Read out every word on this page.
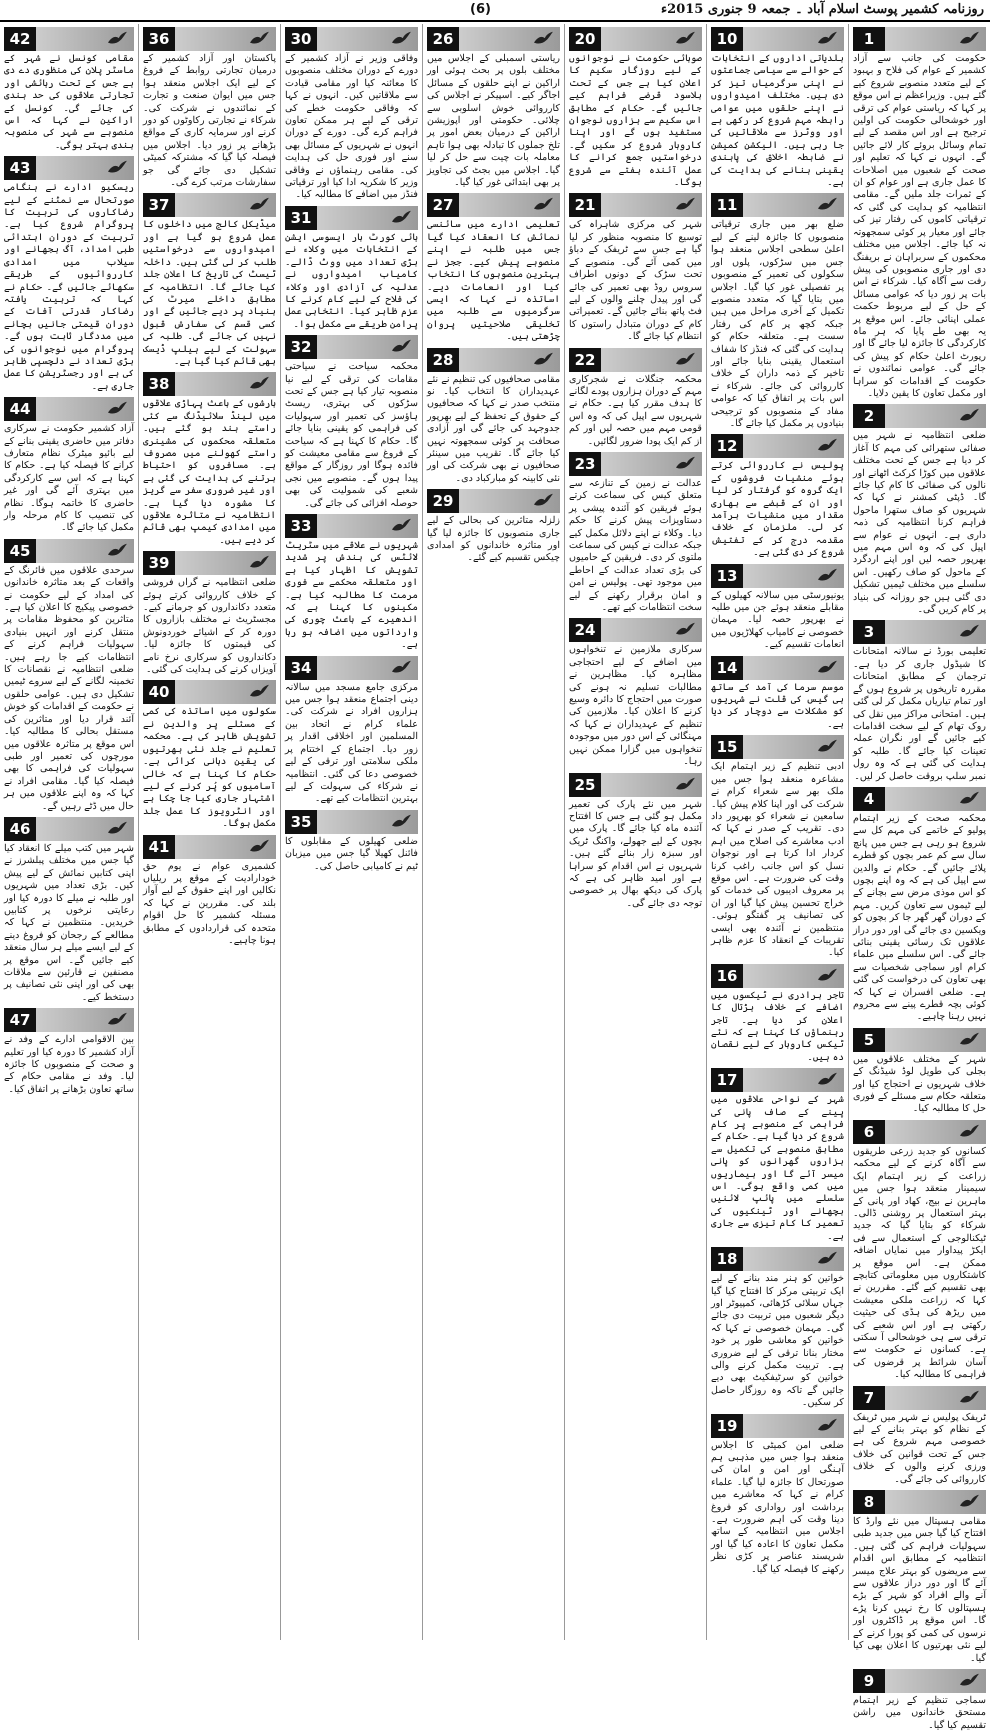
(6)	روزنامہ کشمیر پوسٹ اسلام آباد ۔ جمعہ 9 جنوری 2015ء
1

حکومت کی جانب سے آزاد کشمیر کے عوام کی فلاح و بہبود کے لیے متعدد منصوبے شروع کیے گئے ہیں۔ وزیراعظم نے اس موقع پر کہا کہ ریاستی عوام کی ترقی اور خوشحالی حکومت کی اولین ترجیح ہے اور اس مقصد کے لیے تمام وسائل بروئے کار لائے جائیں گے۔ انہوں نے کہا کہ تعلیم اور صحت کے شعبوں میں اصلاحات کا عمل جاری ہے اور عوام کو ان کے ثمرات جلد ملیں گے۔ مقامی انتظامیہ کو ہدایت کی گئی کہ ترقیاتی کاموں کی رفتار تیز کی جائے اور معیار پر کوئی سمجھوتہ نہ کیا جائے۔ اجلاس میں مختلف محکموں کے سربراہان نے بریفنگ دی اور جاری منصوبوں کی پیش رفت سے آگاہ کیا۔ شرکاء نے اس بات پر زور دیا کہ عوامی مسائل کے حل کے لیے مربوط حکمت عملی اپنائی جائے۔ اس موقع پر یہ بھی طے پایا کہ ہر ماہ کارکردگی کا جائزہ لیا جائے گا اور رپورٹ اعلیٰ حکام کو پیش کی جائے گی۔ عوامی نمائندوں نے حکومت کے اقدامات کو سراہا اور مکمل تعاون کا یقین دلایا۔

2

ضلعی انتظامیہ نے شہر میں صفائی ستھرائی کی مہم کا آغاز کر دیا ہے جس کے تحت مختلف علاقوں میں کوڑا کرکٹ اٹھانے اور نالوں کی صفائی کا کام کیا جائے گا۔ ڈپٹی کمشنر نے کہا کہ شہریوں کو صاف ستھرا ماحول فراہم کرنا انتظامیہ کی ذمہ داری ہے۔ انہوں نے عوام سے اپیل کی کہ وہ اس مہم میں بھرپور حصہ لیں اور اپنے اردگرد کے ماحول کو صاف رکھیں۔ اس سلسلے میں مختلف ٹیمیں تشکیل دی گئی ہیں جو روزانہ کی بنیاد پر کام کریں گی۔

3

تعلیمی بورڈ نے سالانہ امتحانات کا شیڈول جاری کر دیا ہے۔ ترجمان کے مطابق امتحانات مقررہ تاریخوں پر شروع ہوں گے اور تمام تیاریاں مکمل کر لی گئی ہیں۔ امتحانی مراکز میں نقل کی روک تھام کے لیے سخت اقدامات کیے جائیں گے اور نگران عملہ تعینات کیا جائے گا۔ طلبہ کو ہدایت کی گئی ہے کہ وہ رول نمبر سلپ بروقت حاصل کر لیں۔

4

محکمہ صحت کے زیر اہتمام پولیو کے خاتمے کی مہم کل سے شروع ہو رہی ہے جس میں پانچ سال سے کم عمر بچوں کو قطرے پلائے جائیں گے۔ حکام نے والدین سے اپیل کی ہے کہ وہ اپنے بچوں کو اس موذی مرض سے بچانے کے لیے ٹیموں سے تعاون کریں۔ مہم کے دوران گھر گھر جا کر بچوں کو ویکسین دی جائے گی اور دور دراز علاقوں تک رسائی یقینی بنائی جائے گی۔ اس سلسلے میں علماء کرام اور سماجی شخصیات سے بھی تعاون کی درخواست کی گئی ہے۔ ضلعی افسران نے کہا کہ کوئی بچہ قطرے پینے سے محروم نہیں رہنا چاہیے۔

5

شہر کے مختلف علاقوں میں بجلی کی طویل لوڈ شیڈنگ کے خلاف شہریوں نے احتجاج کیا اور متعلقہ حکام سے مسئلے کے فوری حل کا مطالبہ کیا۔

6

کسانوں کو جدید زرعی طریقوں سے آگاہ کرنے کے لیے محکمہ زراعت کے زیر اہتمام ایک سیمینار منعقد ہوا جس میں ماہرین نے بیج، کھاد اور پانی کے بہتر استعمال پر روشنی ڈالی۔ شرکاء کو بتایا گیا کہ جدید ٹیکنالوجی کے استعمال سے فی ایکڑ پیداوار میں نمایاں اضافہ ممکن ہے۔ اس موقع پر کاشتکاروں میں معلوماتی کتابچے بھی تقسیم کیے گئے۔ مقررین نے کہا کہ زراعت ملکی معیشت میں ریڑھ کی ہڈی کی حیثیت رکھتی ہے اور اس شعبے کی ترقی سے ہی خوشحالی آ سکتی ہے۔ کسانوں نے حکومت سے آسان شرائط پر قرضوں کی فراہمی کا مطالبہ کیا۔

7

ٹریفک پولیس نے شہر میں ٹریفک کے نظام کو بہتر بنانے کے لیے خصوصی مہم شروع کی ہے جس کے تحت قوانین کی خلاف ورزی کرنے والوں کے خلاف کارروائی کی جائے گی۔

8

مقامی ہسپتال میں نئے وارڈ کا افتتاح کیا گیا جس میں جدید طبی سہولیات فراہم کی گئی ہیں۔ انتظامیہ کے مطابق اس اقدام سے مریضوں کو بہتر علاج میسر آئے گا اور دور دراز علاقوں سے آنے والے افراد کو شہر کے بڑے ہسپتالوں کا رخ نہیں کرنا پڑے گا۔ اس موقع پر ڈاکٹروں اور نرسوں کی کمی کو پورا کرنے کے لیے نئی بھرتیوں کا اعلان بھی کیا گیا۔

9

سماجی تنظیم کے زیر اہتمام مستحق خاندانوں میں راشن تقسیم کیا گیا۔

10

بلدیاتی اداروں کے انتخابات کے حوالے سے سیاسی جماعتوں نے اپنی سرگرمیاں تیز کر دی ہیں۔ مختلف امیدواروں نے اپنے حلقوں میں عوامی رابطہ مہم شروع کر رکھی ہے اور ووٹرز سے ملاقاتیں کی جا رہی ہیں۔ الیکشن کمیشن نے ضابطہ اخلاق کی پابندی یقینی بنانے کی ہدایت کی ہے۔

11

ضلع بھر میں جاری ترقیاتی منصوبوں کا جائزہ لینے کے لیے اعلیٰ سطحی اجلاس منعقد ہوا جس میں سڑکوں، پلوں اور سکولوں کی تعمیر کے منصوبوں پر تفصیلی غور کیا گیا۔ اجلاس میں بتایا گیا کہ متعدد منصوبے تکمیل کے آخری مراحل میں ہیں جبکہ کچھ پر کام کی رفتار سست ہے۔ متعلقہ حکام کو ہدایت کی گئی کہ فنڈز کا شفاف استعمال یقینی بنایا جائے اور تاخیر کے ذمہ داران کے خلاف کارروائی کی جائے۔ شرکاء نے اس بات پر اتفاق کیا کہ عوامی مفاد کے منصوبوں کو ترجیحی بنیادوں پر مکمل کیا جائے گا۔

12

پولیس نے کارروائی کرتے ہوئے منشیات فروشوں کے ایک گروہ کو گرفتار کر لیا اور ان کے قبضے سے بھاری مقدار میں منشیات برآمد کر لی۔ ملزمان کے خلاف مقدمہ درج کر کے تفتیش شروع کر دی گئی ہے۔

13

یونیورسٹی میں سالانہ کھیلوں کے مقابلے منعقد ہوئے جن میں طلبہ نے بھرپور حصہ لیا۔ مہمان خصوصی نے کامیاب کھلاڑیوں میں انعامات تقسیم کیے۔

14

موسم سرما کی آمد کے ساتھ ہی گیس کی قلت نے شہریوں کو مشکلات سے دوچار کر دیا ہے۔

15

ادبی تنظیم کے زیر اہتمام ایک مشاعرہ منعقد ہوا جس میں ملک بھر سے شعراء کرام نے شرکت کی اور اپنا کلام پیش کیا۔ سامعین نے شعراء کو بھرپور داد دی۔ تقریب کے صدر نے کہا کہ ادب معاشرے کی اصلاح میں اہم کردار ادا کرتا ہے اور نوجوان نسل کو اس جانب راغب کرنا وقت کی ضرورت ہے۔ اس موقع پر معروف ادیبوں کی خدمات کو خراج تحسین پیش کیا گیا اور ان کی تصانیف پر گفتگو ہوئی۔ منتظمین نے آئندہ بھی ایسی تقریبات کے انعقاد کا عزم ظاہر کیا۔

16

تاجر برادری نے ٹیکسوں میں اضافے کے خلاف ہڑتال کا اعلان کر دیا ہے۔ تاجر رہنماؤں کا کہنا ہے کہ نئے ٹیکس کاروبار کے لیے نقصان دہ ہیں۔

17

شہر کے نواحی علاقوں میں پینے کے صاف پانی کی فراہمی کے منصوبے پر کام شروع کر دیا گیا ہے۔ حکام کے مطابق منصوبے کی تکمیل سے ہزاروں گھرانوں کو پانی میسر آئے گا اور بیماریوں میں کمی واقع ہوگی۔ اس سلسلے میں پائپ لائنیں بچھانے اور ٹینکیوں کی تعمیر کا کام تیزی سے جاری ہے۔

18

خواتین کو ہنر مند بنانے کے لیے ایک تربیتی مرکز کا افتتاح کیا گیا جہاں سلائی کڑھائی، کمپیوٹر اور دیگر شعبوں میں تربیت دی جائے گی۔ مہمان خصوصی نے کہا کہ خواتین کو معاشی طور پر خود مختار بنانا ترقی کے لیے ضروری ہے۔ تربیت مکمل کرنے والی خواتین کو سرٹیفکیٹ بھی دیے جائیں گے تاکہ وہ روزگار حاصل کر سکیں۔

19

ضلعی امن کمیٹی کا اجلاس منعقد ہوا جس میں مذہبی ہم آہنگی اور امن و امان کی صورتحال کا جائزہ لیا گیا۔ علماء کرام نے کہا کہ معاشرے میں برداشت اور رواداری کو فروغ دینا وقت کی اہم ضرورت ہے۔ اجلاس میں انتظامیہ کے ساتھ مکمل تعاون کا اعادہ کیا گیا اور شرپسند عناصر پر کڑی نظر رکھنے کا فیصلہ کیا گیا۔

20

صوبائی حکومت نے نوجوانوں کے لیے روزگار سکیم کا اعلان کیا ہے جس کے تحت بلاسود قرضے فراہم کیے جائیں گے۔ حکام کے مطابق اس سکیم سے ہزاروں نوجوان مستفید ہوں گے اور اپنا کاروبار شروع کر سکیں گے۔ درخواستیں جمع کرانے کا عمل آئندہ ہفتے سے شروع ہوگا۔

21

شہر کی مرکزی شاہراہ کی توسیع کا منصوبہ منظور کر لیا گیا ہے جس سے ٹریفک کے دباؤ میں کمی آئے گی۔ منصوبے کے تحت سڑک کے دونوں اطراف سروس روڈ بھی تعمیر کی جائے گی اور پیدل چلنے والوں کے لیے فٹ پاتھ بنائے جائیں گے۔ تعمیراتی کام کے دوران متبادل راستوں کا انتظام کیا جائے گا۔

22

محکمہ جنگلات نے شجرکاری مہم کے دوران ہزاروں پودے لگانے کا ہدف مقرر کیا ہے۔ حکام نے شہریوں سے اپیل کی کہ وہ اس قومی مہم میں حصہ لیں اور کم از کم ایک پودا ضرور لگائیں۔

23

عدالت نے زمین کے تنازعہ سے متعلق کیس کی سماعت کرتے ہوئے فریقین کو آئندہ پیشی پر دستاویزات پیش کرنے کا حکم دیا۔ وکلاء نے اپنے دلائل مکمل کیے جبکہ عدالت نے کیس کی سماعت ملتوی کر دی۔ فریقین کے حامیوں کی بڑی تعداد عدالت کے احاطے میں موجود تھی۔ پولیس نے امن و امان برقرار رکھنے کے لیے سخت انتظامات کیے تھے۔

24

سرکاری ملازمین نے تنخواہوں میں اضافے کے لیے احتجاجی مظاہرہ کیا۔ مظاہرین نے مطالبات تسلیم نہ ہونے کی صورت میں احتجاج کا دائرہ وسیع کرنے کا اعلان کیا۔ ملازمین کی تنظیم کے عہدیداران نے کہا کہ مہنگائی کے اس دور میں موجودہ تنخواہوں میں گزارا ممکن نہیں رہا۔

25

شہر میں نئے پارک کی تعمیر مکمل ہو گئی ہے جس کا افتتاح آئندہ ماہ کیا جائے گا۔ پارک میں بچوں کے لیے جھولے، واکنگ ٹریک اور سبزہ زار بنائے گئے ہیں۔ شہریوں نے اس اقدام کو سراہا ہے اور امید ظاہر کی ہے کہ پارک کی دیکھ بھال پر خصوصی توجہ دی جائے گی۔

26

ریاستی اسمبلی کے اجلاس میں مختلف بلوں پر بحث ہوئی اور اراکین نے اپنے حلقوں کے مسائل اجاگر کیے۔ اسپیکر نے اجلاس کی کارروائی خوش اسلوبی سے چلائی۔ حکومتی اور اپوزیشن اراکین کے درمیان بعض امور پر تلخ جملوں کا تبادلہ بھی ہوا تاہم معاملہ بات چیت سے حل کر لیا گیا۔ اجلاس میں بجٹ کی تجاویز پر بھی ابتدائی غور کیا گیا۔

27

تعلیمی ادارے میں سائنسی نمائش کا انعقاد کیا گیا جس میں طلبہ نے اپنے منصوبے پیش کیے۔ ججز نے بہترین منصوبوں کا انتخاب کیا اور انعامات دیے۔ اساتذہ نے کہا کہ ایسی سرگرمیوں سے طلبہ میں تخلیقی صلاحیتیں پروان چڑھتی ہیں۔

28

مقامی صحافیوں کی تنظیم نے نئے عہدیداران کا انتخاب کیا۔ نو منتخب صدر نے کہا کہ صحافیوں کے حقوق کے تحفظ کے لیے بھرپور جدوجہد کی جائے گی اور آزادی صحافت پر کوئی سمجھوتہ نہیں کیا جائے گا۔ تقریب میں سینئر صحافیوں نے بھی شرکت کی اور نئی کابینہ کو مبارکباد دی۔

29

زلزلہ متاثرین کی بحالی کے لیے جاری منصوبوں کا جائزہ لیا گیا اور متاثرہ خاندانوں کو امدادی چیکس تقسیم کیے گئے۔

30

وفاقی وزیر نے آزاد کشمیر کے دورے کے دوران مختلف منصوبوں کا معائنہ کیا اور مقامی قیادت سے ملاقاتیں کیں۔ انہوں نے کہا کہ وفاقی حکومت خطے کی ترقی کے لیے ہر ممکن تعاون فراہم کرے گی۔ دورے کے دوران انہوں نے شہریوں کے مسائل بھی سنے اور فوری حل کی ہدایت کی۔ مقامی رہنماؤں نے وفاقی وزیر کا شکریہ ادا کیا اور ترقیاتی فنڈز میں اضافے کا مطالبہ کیا۔

31

ہائی کورٹ بار ایسوسی ایشن کے انتخابات میں وکلاء نے بڑی تعداد میں ووٹ ڈالے۔ کامیاب امیدواروں نے عدلیہ کی آزادی اور وکلاء کی فلاح کے لیے کام کرنے کا عزم ظاہر کیا۔ انتخابی عمل پرامن طریقے سے مکمل ہوا۔

32

محکمہ سیاحت نے سیاحتی مقامات کی ترقی کے لیے نیا منصوبہ تیار کیا ہے جس کے تحت سڑکوں کی بہتری، ریسٹ ہاؤسز کی تعمیر اور سہولیات کی فراہمی کو یقینی بنایا جائے گا۔ حکام کا کہنا ہے کہ سیاحت کے فروغ سے مقامی معیشت کو فائدہ ہوگا اور روزگار کے مواقع پیدا ہوں گے۔ منصوبے میں نجی شعبے کی شمولیت کی بھی حوصلہ افزائی کی جائے گی۔

33

شہریوں نے علاقے میں سٹریٹ لائٹس کی بندش پر شدید تشویش کا اظہار کیا ہے اور متعلقہ محکمے سے فوری مرمت کا مطالبہ کیا ہے۔ مکینوں کا کہنا ہے کہ اندھیرے کے باعث چوری کی وارداتوں میں اضافہ ہو رہا ہے۔

34

مرکزی جامع مسجد میں سالانہ دینی اجتماع منعقد ہوا جس میں ہزاروں افراد نے شرکت کی۔ علماء کرام نے اتحاد بین المسلمین اور اخلاقی اقدار پر زور دیا۔ اجتماع کے اختتام پر ملکی سلامتی اور ترقی کے لیے خصوصی دعا کی گئی۔ انتظامیہ نے شرکاء کی سہولت کے لیے بہترین انتظامات کیے تھے۔

35

ضلعی کھیلوں کے مقابلوں کا فائنل کھیلا گیا جس میں میزبان ٹیم نے کامیابی حاصل کی۔

36

پاکستان اور آزاد کشمیر کے درمیان تجارتی روابط کے فروغ کے لیے ایک اجلاس منعقد ہوا جس میں ایوان صنعت و تجارت کے نمائندوں نے شرکت کی۔ شرکاء نے تجارتی رکاوٹوں کو دور کرنے اور سرمایہ کاری کے مواقع بڑھانے پر زور دیا۔ اجلاس میں فیصلہ کیا گیا کہ مشترکہ کمیٹی تشکیل دی جائے گی جو سفارشات مرتب کرے گی۔

37

میڈیکل کالج میں داخلوں کا عمل شروع ہو گیا ہے اور امیدواروں سے درخواستیں طلب کر لی گئی ہیں۔ داخلہ ٹیسٹ کی تاریخ کا اعلان جلد کیا جائے گا۔ انتظامیہ کے مطابق داخلے میرٹ کی بنیاد پر دیے جائیں گے اور کسی قسم کی سفارش قبول نہیں کی جائے گی۔ طلبہ کی سہولت کے لیے ہیلپ ڈیسک بھی قائم کیا گیا ہے۔

38

بارشوں کے باعث پہاڑی علاقوں میں لینڈ سلائیڈنگ سے کئی راستے بند ہو گئے ہیں۔ متعلقہ محکموں کی مشینری راستے کھولنے میں مصروف ہے۔ مسافروں کو احتیاط برتنے کی ہدایت کی گئی ہے اور غیر ضروری سفر سے گریز کا مشورہ دیا گیا ہے۔ انتظامیہ نے متاثرہ علاقوں میں امدادی کیمپ بھی قائم کر دیے ہیں۔

39

ضلعی انتظامیہ نے گراں فروشی کے خلاف کارروائی کرتے ہوئے متعدد دکانداروں کو جرمانے کیے۔ مجسٹریٹ نے مختلف بازاروں کا دورہ کر کے اشیائے خوردونوش کی قیمتوں کا جائزہ لیا۔ دکانداروں کو سرکاری نرخ نامے آویزاں کرنے کی ہدایت کی گئی۔

40

سکولوں میں اساتذہ کی کمی کے مسئلے پر والدین نے تشویش ظاہر کی ہے۔ محکمہ تعلیم نے جلد نئی بھرتیوں کی یقین دہانی کرائی ہے۔ حکام کا کہنا ہے کہ خالی آسامیوں کو پُر کرنے کے لیے اشتہار جاری کیا جا چکا ہے اور انٹرویوز کا عمل جلد مکمل ہوگا۔

41

کشمیری عوام نے یوم حق خودارادیت کے موقع پر ریلیاں نکالیں اور اپنے حقوق کے لیے آواز بلند کی۔ مقررین نے کہا کہ مسئلہ کشمیر کا حل اقوام متحدہ کی قراردادوں کے مطابق ہونا چاہیے۔

42

مقامی کونسل نے شہر کے ماسٹر پلان کی منظوری دے دی ہے جس کے تحت رہائشی اور تجارتی علاقوں کی حد بندی کی جائے گی۔ کونسل کے اراکین نے کہا کہ اس منصوبے سے شہر کی منصوبہ بندی بہتر ہوگی۔

43

ریسکیو ادارے نے ہنگامی صورتحال سے نمٹنے کے لیے رضاکاروں کی تربیت کا پروگرام شروع کیا ہے۔ تربیت کے دوران ابتدائی طبی امداد، آگ بجھانے اور سیلاب میں امدادی کارروائیوں کے طریقے سکھائے جائیں گے۔ حکام نے کہا کہ تربیت یافتہ رضاکار قدرتی آفات کے دوران قیمتی جانیں بچانے میں مددگار ثابت ہوں گے۔ پروگرام میں نوجوانوں کی بڑی تعداد نے دلچسپی ظاہر کی ہے اور رجسٹریشن کا عمل جاری ہے۔

44

آزاد کشمیر حکومت نے سرکاری دفاتر میں حاضری یقینی بنانے کے لیے بائیو میٹرک نظام متعارف کرانے کا فیصلہ کیا ہے۔ حکام کا کہنا ہے کہ اس سے کارکردگی میں بہتری آئے گی اور غیر حاضری کا خاتمہ ہوگا۔ نظام کی تنصیب کا کام مرحلہ وار مکمل کیا جائے گا۔

45

سرحدی علاقوں میں فائرنگ کے واقعات کے بعد متاثرہ خاندانوں کی امداد کے لیے حکومت نے خصوصی پیکیج کا اعلان کیا ہے۔ متاثرین کو محفوظ مقامات پر منتقل کرنے اور انہیں بنیادی سہولیات فراہم کرنے کے انتظامات کیے جا رہے ہیں۔ ضلعی انتظامیہ نے نقصانات کا تخمینہ لگانے کے لیے سروے ٹیمیں تشکیل دی ہیں۔ عوامی حلقوں نے حکومت کے اقدامات کو خوش آئند قرار دیا اور متاثرین کی مستقل بحالی کا مطالبہ کیا۔ اس موقع پر متاثرہ علاقوں میں مورچوں کی تعمیر اور طبی سہولیات کی فراہمی کا بھی فیصلہ کیا گیا۔ مقامی افراد نے کہا کہ وہ اپنے علاقوں میں ہر حال میں ڈٹے رہیں گے۔

46

شہر میں کتب میلے کا انعقاد کیا گیا جس میں مختلف پبلشرز نے اپنی کتابیں نمائش کے لیے پیش کیں۔ بڑی تعداد میں شہریوں اور طلبہ نے میلے کا دورہ کیا اور رعایتی نرخوں پر کتابیں خریدیں۔ منتظمین نے کہا کہ مطالعے کے رجحان کو فروغ دینے کے لیے ایسے میلے ہر سال منعقد کیے جائیں گے۔ اس موقع پر مصنفین نے قارئین سے ملاقات بھی کی اور اپنی نئی تصانیف پر دستخط کیے۔

47

بین الاقوامی ادارے کے وفد نے آزاد کشمیر کا دورہ کیا اور تعلیم و صحت کے منصوبوں کا جائزہ لیا۔ وفد نے مقامی حکام کے ساتھ تعاون بڑھانے پر اتفاق کیا۔
